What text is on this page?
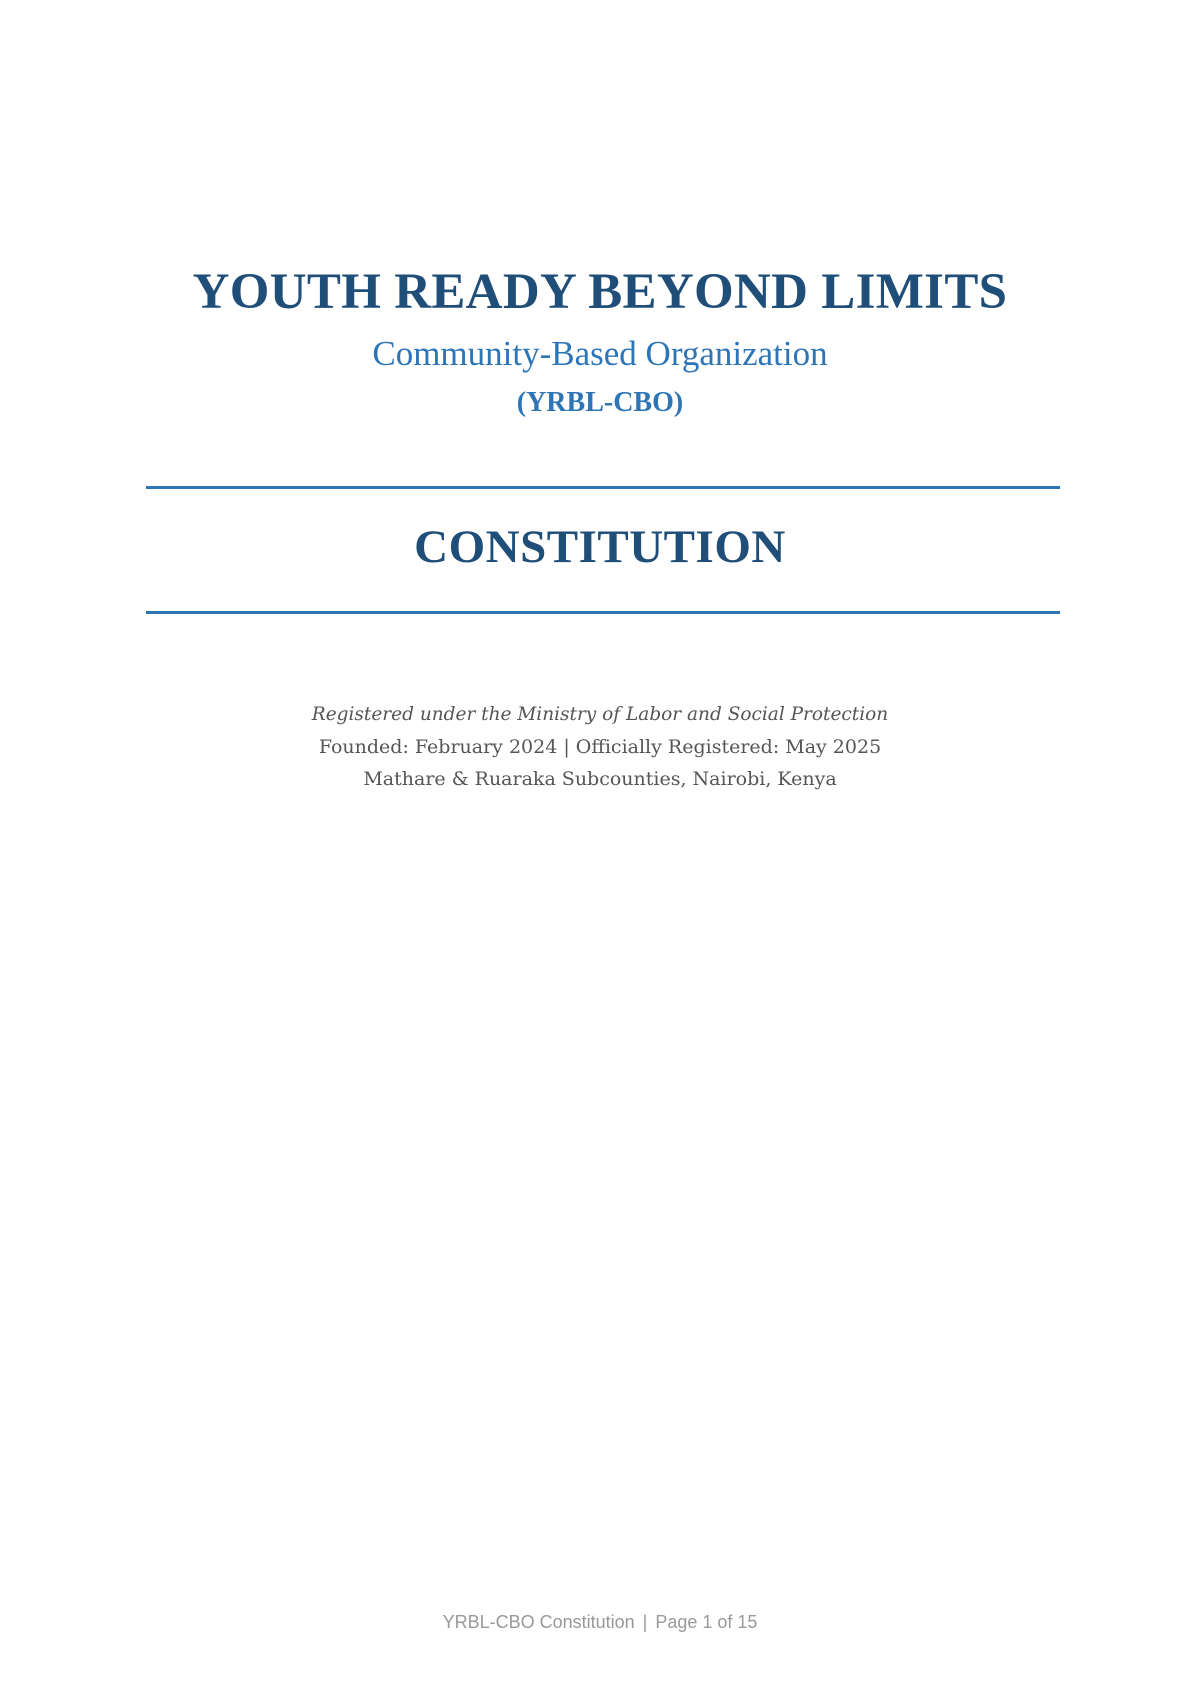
YOUTH READY BEYOND LIMITS
Community-Based Organization
(YRBL-CBO)
CONSTITUTION

Registered under the Ministry of Labor and Social Protection

Founded: February 2024 | Officially Registered: May 2025

Mathare & Ruaraka Subcounties, Nairobi, Kenya

YRBL-CBO Constitution | Page 1 of 15
